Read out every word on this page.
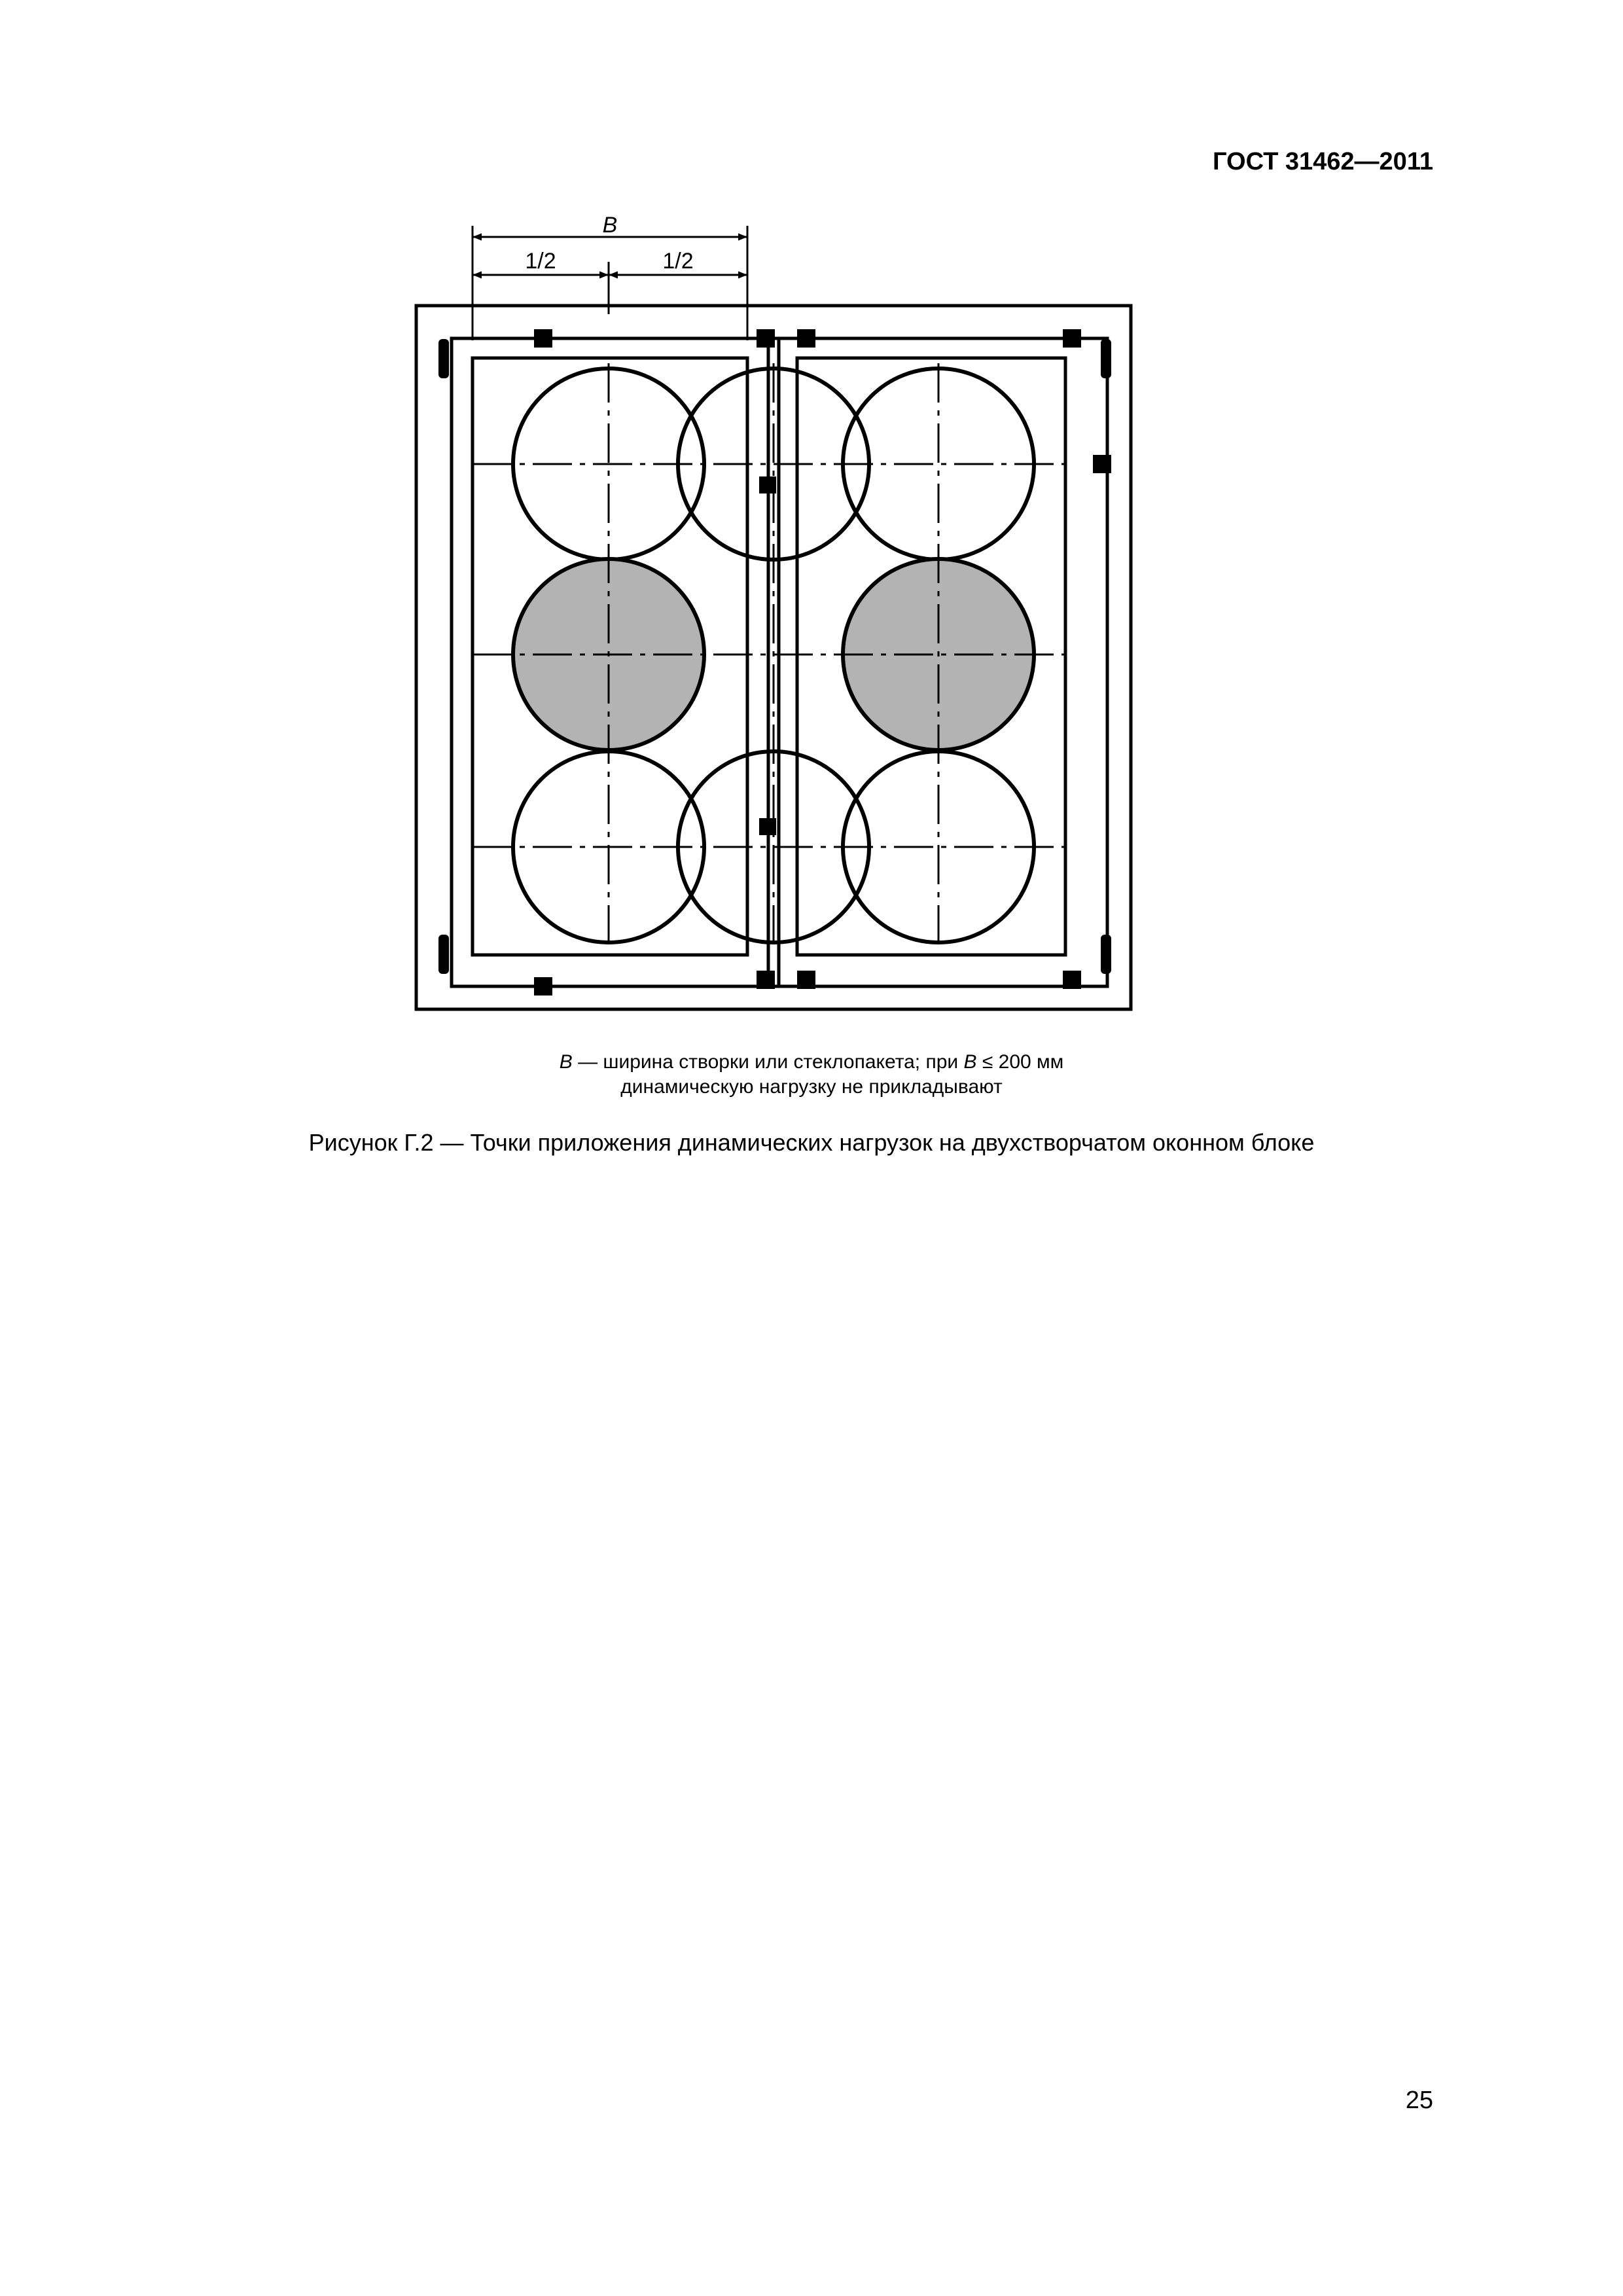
ГОСТ 31462—2011
B
1/2	1/2
B — ширина створки или стеклопакета; при B ≤ 200 мм
динамическую нагрузку не прикладывают
Рисунок Г.2 — Точки приложения динамических нагрузок на двухстворчатом оконном блоке
25
